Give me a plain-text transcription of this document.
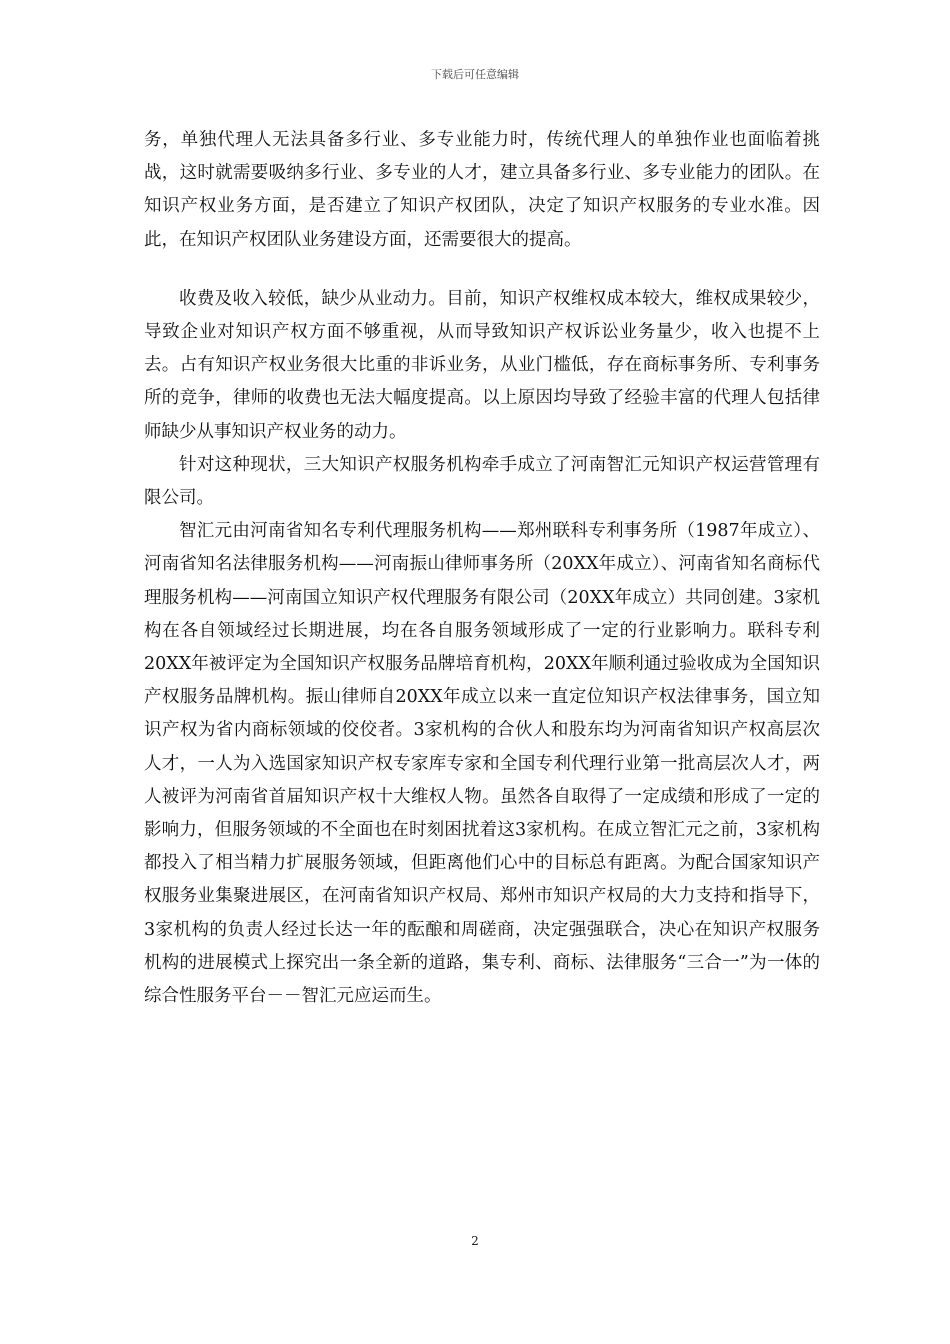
下载后可任意编辑

务，单独代理人无法具备多行业、多专业能力时，传统代理人的单独作业也面临着挑战，这时就需要吸纳多行业、多专业的人才，建立具备多行业、多专业能力的团队。在知识产权业务方面，是否建立了知识产权团队，决定了知识产权服务的专业水准。因此，在知识产权团队业务建设方面，还需要很大的提高。

收费及收入较低，缺少从业动力。目前，知识产权维权成本较大，维权成果较少，导致企业对知识产权方面不够重视，从而导致知识产权诉讼业务量少，收入也提不上去。占有知识产权业务很大比重的非诉业务，从业门槛低，存在商标事务所、专利事务所的竞争，律师的收费也无法大幅度提高。以上原因均导致了经验丰富的代理人包括律师缺少从事知识产权业务的动力。

针对这种现状，三大知识产权服务机构牵手成立了河南智汇元知识产权运营管理有限公司。

智汇元由河南省知名专利代理服务机构——郑州联科专利事务所（1987年成立）、河南省知名法律服务机构——河南振山律师事务所（20XX年成立）、河南省知名商标代理服务机构——河南国立知识产权代理服务有限公司（20XX年成立）共同创建。3家机构在各自领域经过长期进展，均在各自服务领域形成了一定的行业影响力。联科专利20XX年被评定为全国知识产权服务品牌培育机构，20XX年顺利通过验收成为全国知识产权服务品牌机构。振山律师自20XX年成立以来一直定位知识产权法律事务，国立知识产权为省内商标领域的佼佼者。3家机构的合伙人和股东均为河南省知识产权高层次人才，一人为入选国家知识产权专家库专家和全国专利代理行业第一批高层次人才，两人被评为河南省首届知识产权十大维权人物。虽然各自取得了一定成绩和形成了一定的影响力，但服务领域的不全面也在时刻困扰着这3家机构。在成立智汇元之前，3家机构都投入了相当精力扩展服务领域，但距离他们心中的目标总有距离。为配合国家知识产权服务业集聚进展区，在河南省知识产权局、郑州市知识产权局的大力支持和指导下，3家机构的负责人经过长达一年的酝酿和周磋商，决定强强联合，决心在知识产权服务机构的进展模式上探究出一条全新的道路，集专利、商标、法律服务“三合一”为一体的综合性服务平台－－智汇元应运而生。

2
